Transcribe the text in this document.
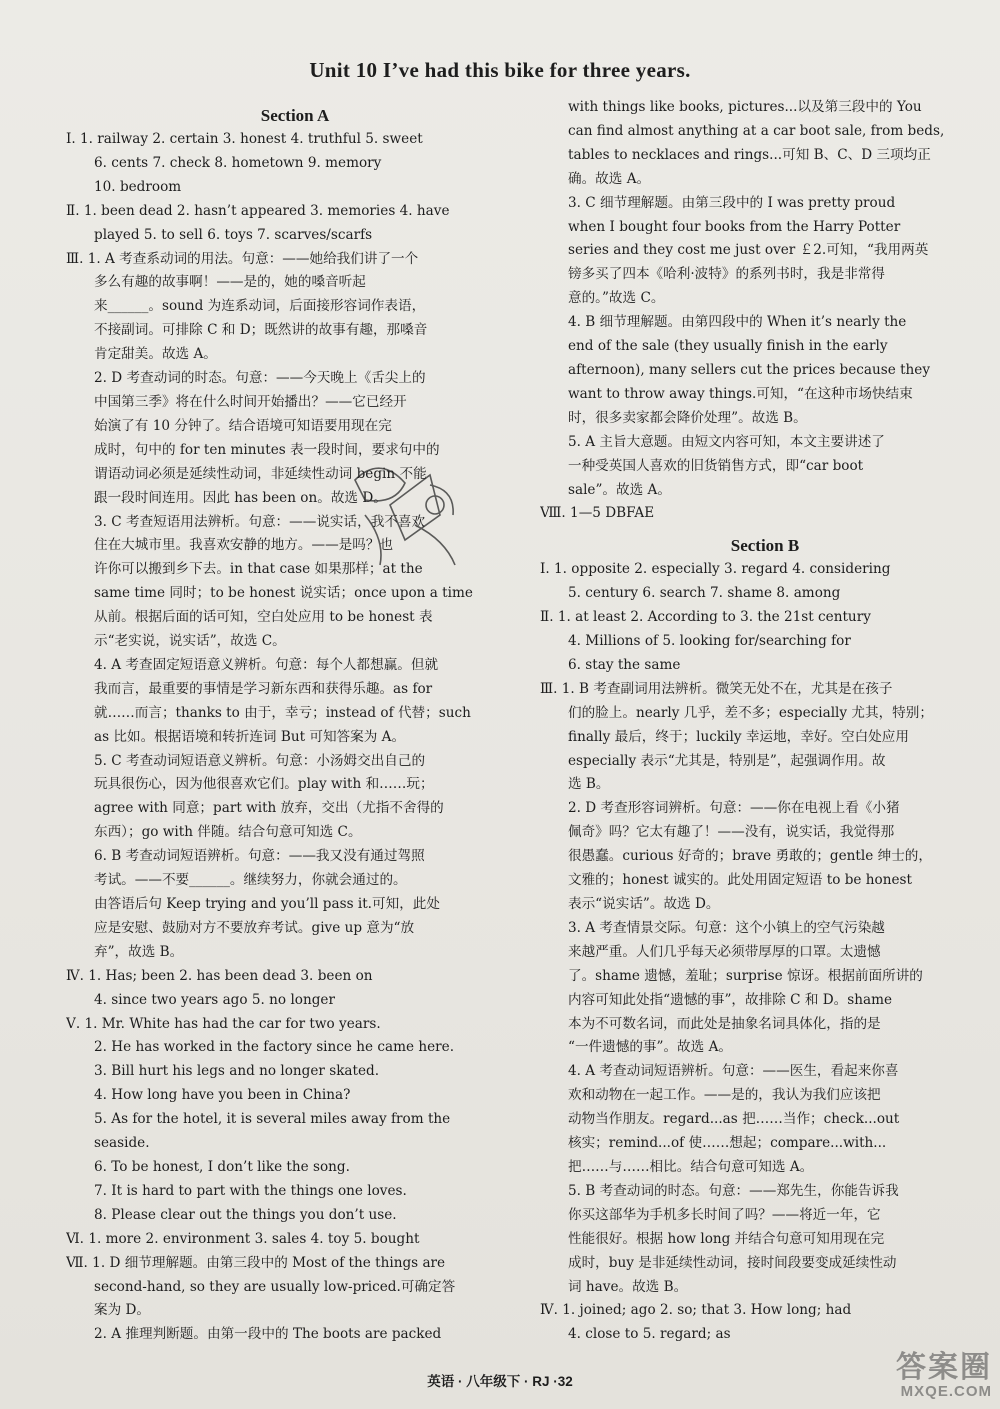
Unit 10 I’ve had this bike for three years.
Section A
Ⅰ. 1. railway 2. certain 3. honest 4. truthful 5. sweet
6. cents 7. check 8. hometown 9. memory
10. bedroom
Ⅱ. 1. been dead 2. hasn’t appeared 3. memories 4. have
played 5. to sell 6. toys 7. scarves/scarfs
Ⅲ. 1. A 考查系动词的用法。句意：——她给我们讲了一个
多么有趣的故事啊！——是的，她的嗓音听起
来______。sound 为连系动词，后面接形容词作表语，
不接副词。可排除 C 和 D；既然讲的故事有趣，那嗓音
肯定甜美。故选 A。
2. D 考查动词的时态。句意：——今天晚上《舌尖上的
中国第三季》将在什么时间开始播出？——它已经开
始演了有 10 分钟了。结合语境可知语要用现在完
成时，句中的 for ten minutes 表一段时间，要求句中的
谓语动词必须是延续性动词，非延续性动词 begin 不能
跟一段时间连用。因此 has been on。故选 D。
3. C 考查短语用法辨析。句意：——说实话，我不喜欢
住在大城市里。我喜欢安静的地方。——是吗？也
许你可以搬到乡下去。in that case 如果那样；at the
same time 同时；to be honest 说实话；once upon a time
从前。根据后面的话可知，空白处应用 to be honest 表
示“老实说，说实话”，故选 C。
4. A 考查固定短语意义辨析。句意：每个人都想赢。但就
我而言，最重要的事情是学习新东西和获得乐趣。as for
就……而言；thanks to 由于，幸亏；instead of 代替；such
as 比如。根据语境和转折连词 But 可知答案为 A。
5. C 考查动词短语意义辨析。句意：小汤姆交出自己的
玩具很伤心，因为他很喜欢它们。play with 和……玩；
agree with 同意；part with 放弃，交出（尤指不舍得的
东西）；go with 伴随。结合句意可知选 C。
6. B 考查动词短语辨析。句意：——我又没有通过驾照
考试。——不要______。继续努力，你就会通过的。
由答语后句 Keep trying and you’ll pass it.可知，此处
应是安慰、鼓励对方不要放弃考试。give up 意为“放
弃”，故选 B。
Ⅳ. 1. Has; been 2. has been dead 3. been on
4. since two years ago 5. no longer
Ⅴ. 1. Mr. White has had the car for two years.
2. He has worked in the factory since he came here.
3. Bill hurt his legs and no longer skated.
4. How long have you been in China?
5. As for the hotel, it is several miles away from the
seaside.
6. To be honest, I don’t like the song.
7. It is hard to part with the things one loves.
8. Please clear out the things you don’t use.
Ⅵ. 1. more 2. environment 3. sales 4. toy 5. bought
Ⅶ. 1. D 细节理解题。由第三段中的 Most of the things are
second-hand, so they are usually low-priced.可确定答
案为 D。
2. A 推理判断题。由第一段中的 The boots are packed
with things like books, pictures...以及第三段中的 You
can find almost anything at a car boot sale, from beds,
tables to necklaces and rings...可知 B、C、D 三项均正
确。故选 A。
3. C 细节理解题。由第三段中的 I was pretty proud
when I bought four books from the Harry Potter
series and they cost me just over ￡2.可知，“我用两英
镑多买了四本《哈利·波特》的系列书时，我是非常得
意的。”故选 C。
4. B 细节理解题。由第四段中的 When it’s nearly the
end of the sale (they usually finish in the early
afternoon), many sellers cut the prices because they
want to throw away things.可知，“在这种市场快结束
时，很多卖家都会降价处理”。故选 B。
5. A 主旨大意题。由短文内容可知，本文主要讲述了
一种受英国人喜欢的旧货销售方式，即“car boot
sale”。故选 A。
Ⅷ. 1—5 DBFAE
Section B
Ⅰ. 1. opposite 2. especially 3. regard 4. considering
5. century 6. search 7. shame 8. among
Ⅱ. 1. at least 2. According to 3. the 21st century
4. Millions of 5. looking for/searching for
6. stay the same
Ⅲ. 1. B 考查副词用法辨析。微笑无处不在，尤其是在孩子
们的脸上。nearly 几乎，差不多；especially 尤其，特别；
finally 最后，终于；luckily 幸运地，幸好。空白处应用
especially 表示“尤其是，特别是”，起强调作用。故
选 B。
2. D 考查形容词辨析。句意：——你在电视上看《小猪
佩奇》吗？它太有趣了！——没有，说实话，我觉得那
很愚蠢。curious 好奇的；brave 勇敢的；gentle 绅士的，
文雅的；honest 诚实的。此处用固定短语 to be honest
表示“说实话”。故选 D。
3. A 考查情景交际。句意：这个小镇上的空气污染越
来越严重。人们几乎每天必须带厚厚的口罩。太遗憾
了。shame 遗憾，羞耻；surprise 惊讶。根据前面所讲的
内容可知此处指“遗憾的事”，故排除 C 和 D。shame
本为不可数名词，而此处是抽象名词具体化，指的是
“一件遗憾的事”。故选 A。
4. A 考查动词短语辨析。句意：——医生，看起来你喜
欢和动物在一起工作。——是的，我认为我们应该把
动物当作朋友。regard...as 把……当作；check...out
核实；remind...of 使……想起；compare...with...
把……与……相比。结合句意可知选 A。
5. B 考查动词的时态。句意：——郑先生，你能告诉我
你买这部华为手机多长时间了吗？——将近一年，它
性能很好。根据 how long 并结合句意可知用现在完
成时，buy 是非延续性动词，接时间段要变成延续性动
词 have。故选 B。
Ⅳ. 1. joined; ago 2. so; that 3. How long; had
4. close to 5. regard; as
英语 · 八年级下 · RJ ·32	答案圈
MXQE.COM
